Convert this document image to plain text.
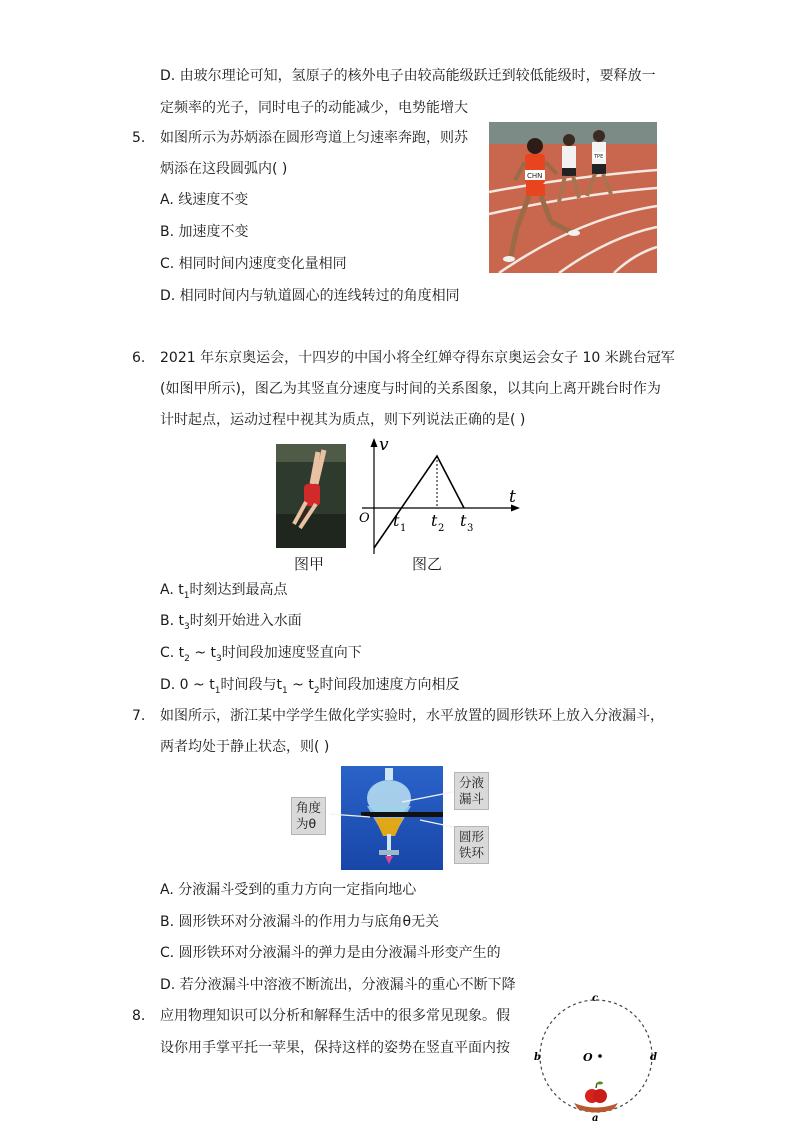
D. 由玻尔理论可知，氢原子的核外电子由较高能级跃迁到较低能级时，要释放一
定频率的光子，同时电子的动能减少，电势能增大
5. 如图所示为苏炳添在圆形弯道上匀速率奔跑，则苏
炳添在这段圆弧内( )
A. 线速度不变
B. 加速度不变
C. 相同时间内速度变化量相同
D. 相同时间内与轨道圆心的连线转过的角度相同
CHN
TPE
6. 2021 年东京奥运会，十四岁的中国小将全红婵夺得东京奥运会女子 10 米跳台冠军
(如图甲所示)，图乙为其竖直分速度与时间的关系图象，以其向上离开跳台时作为
计时起点，运动过程中视其为质点，则下列说法正确的是( )
v
t
O t 1 t 2 t 3
图甲	图乙
A. $t_1$时刻达到最高点
B. $t_3$时刻开始进入水面
C. $t_2$ ~ $t_3$时间段加速度竖直向下
D. 0 ~ $t_1$时间段与$t_1$ ~ $t_2$时间段加速度方向相反
7. 如图所示，浙江某中学学生做化学实验时，水平放置的圆形铁环上放入分液漏斗，
两者均处于静止状态，则( )
分液
漏斗
角度
为θ
圆形
铁环
A. 分液漏斗受到的重力方向一定指向地心
B. 圆形铁环对分液漏斗的作用力与底角θ无关
C. 圆形铁环对分液漏斗的弹力是由分液漏斗形变产生的
D. 若分液漏斗中溶液不断流出，分液漏斗的重心不断下降
8. 应用物理知识可以分析和解释生活中的很多常见现象。假
设你用手掌平托一苹果，保持这样的姿势在竖直平面内按
c
b	d
O
a
